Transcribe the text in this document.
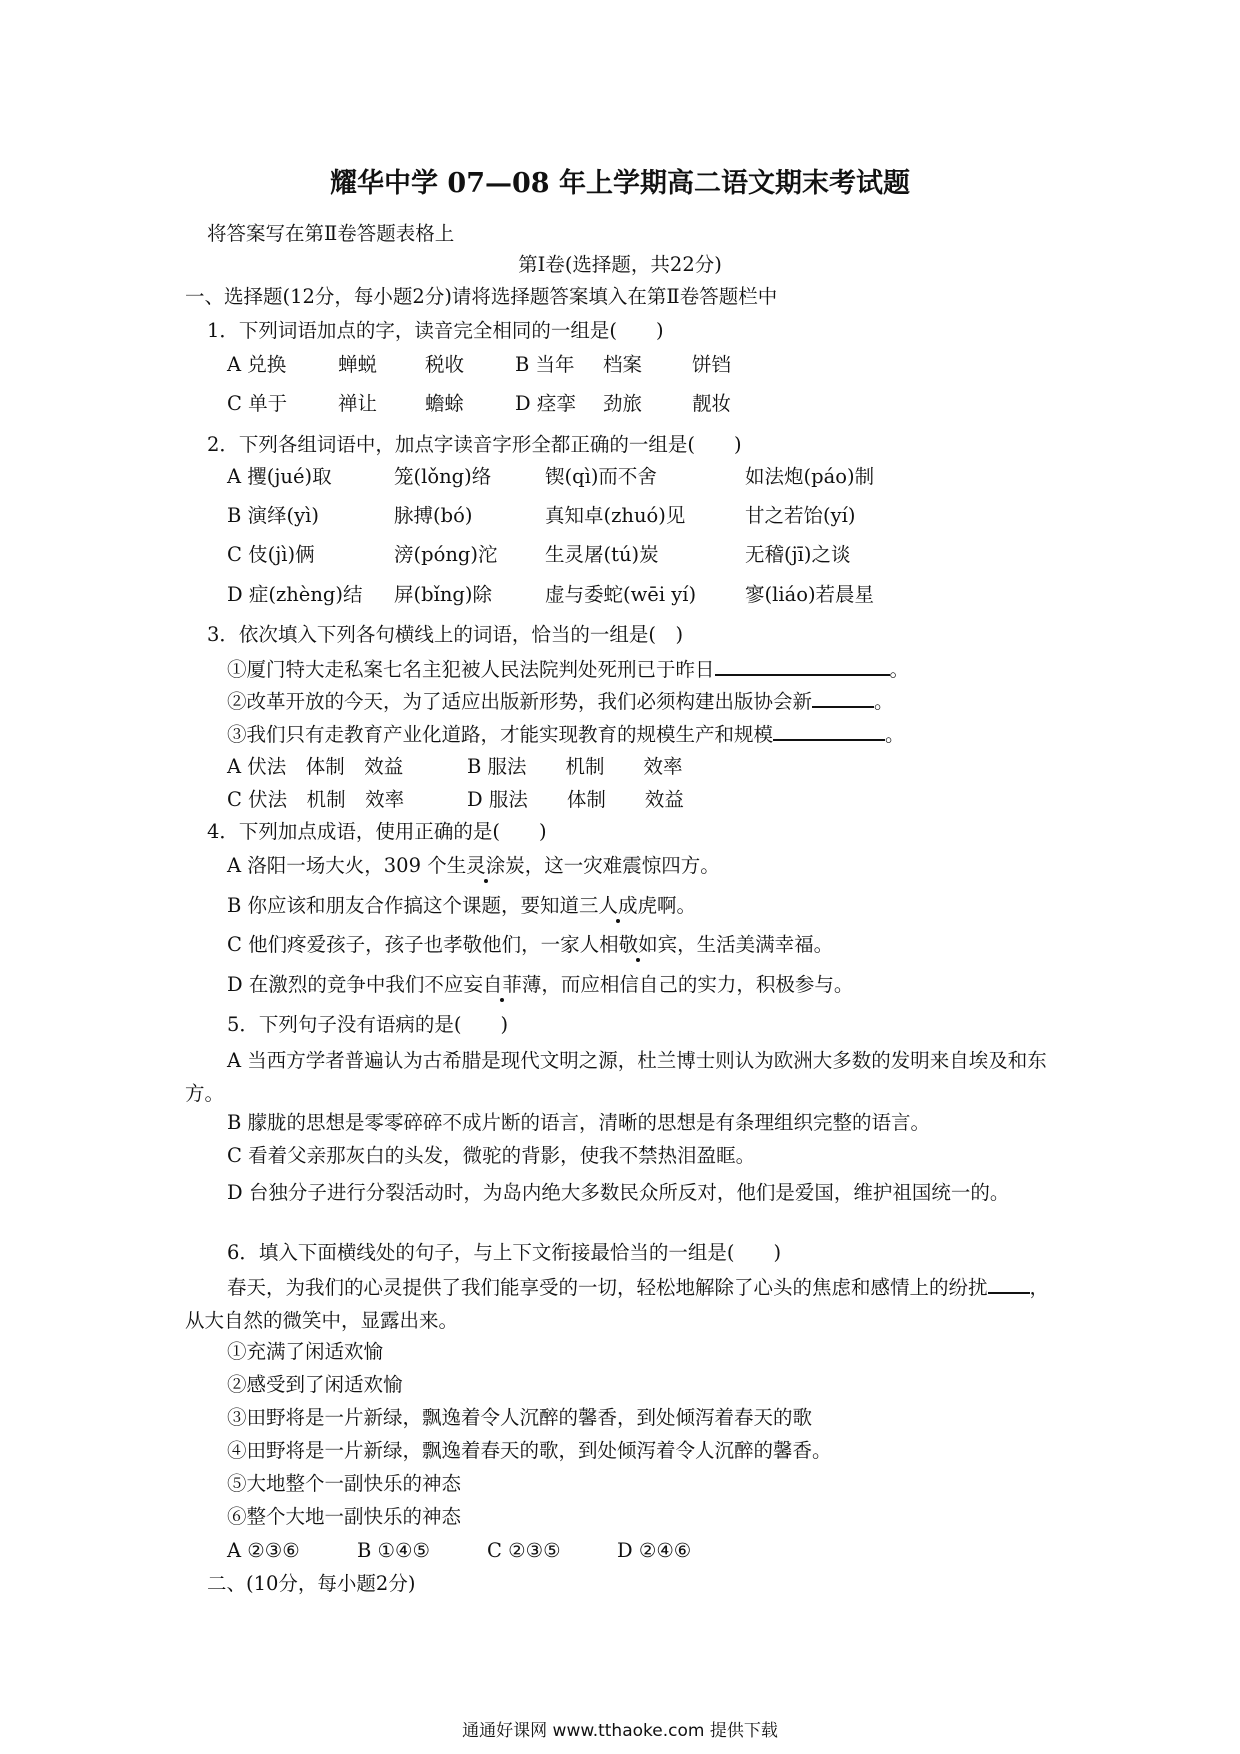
耀华中学 07—08 年上学期高二语文期末考试题
将答案写在第Ⅱ卷答题表格上
第Ⅰ卷(选择题，共22分)
一、选择题(12分，每小题2分)请将选择题答案填入在第Ⅱ卷答题栏中
1．下列词语加点的字，读音完全相同的一组是(　　)
A 兑换	蝉蜕 税收	B 当年 档案	饼铛
C 单于	禅让 蟾蜍	D 痉挛 劲旅	靓妆
2．下列各组词语中，加点字读音字形全都正确的一组是(　　)
A 攫(jué)取	笼(lǒng)络	锲(qì)而不舍	如法炮(páo)制
B 演绎(yì)	脉搏(bó)	真知卓(zhuó)见	甘之若饴(yí)
C 伎(jì)俩	滂(póng)沱 生灵屠(tú)炭	无稽(jī)之谈
D 症(zhèng)结 屏(bǐng)除	虚与委蛇(wēi yí)	寥(liáo)若晨星
3．依次填入下列各句横线上的词语，恰当的一组是(　)
①厦门特大走私案七名主犯被人民法院判处死刑已于昨日	。
②改革开放的今天，为了适应出版新形势，我们必须构建出版协会新	。
③我们只有走教育产业化道路，才能实现教育的规模生产和规模	。
A 伏法　体制　效益	B 服法　　机制　　效率
C 伏法　机制　效率	D 服法　　体制　　效益
4．下列加点成语，使用正确的是(　　)
A 洛阳一场大火，309 个生灵涂炭，这一灾难震惊四方。
B 你应该和朋友合作搞这个课题，要知道三人成虎啊。
C 他们疼爱孩子，孩子也孝敬他们，一家人相敬如宾，生活美满幸福。
D 在激烈的竞争中我们不应妄自菲薄，而应相信自己的实力，积极参与。
5．下列句子没有语病的是(　　)
A 当西方学者普遍认为古希腊是现代文明之源，杜兰博士则认为欧洲大多数的发明来自埃及和东方。
B 朦胧的思想是零零碎碎不成片断的语言，清晰的思想是有条理组织完整的语言。
C 看着父亲那灰白的头发，微驼的背影，使我不禁热泪盈眶。
D 台独分子进行分裂活动时，为岛内绝大多数民众所反对，他们是爱国，维护祖国统一的。
6．填入下面横线处的句子，与上下文衔接最恰当的一组是(　　)
春天，为我们的心灵提供了我们能享受的一切，轻松地解除了心头的焦虑和感情上的纷扰 ，从大自然的微笑中，显露出来。
①充满了闲适欢愉
②感受到了闲适欢愉
③田野将是一片新绿，飘逸着令人沉醉的馨香，到处倾泻着春天的歌
④田野将是一片新绿，飘逸着春天的歌，到处倾泻着令人沉醉的馨香。
⑤大地整个一副快乐的神态
⑥整个大地一副快乐的神态
A ②③⑥	B ①④⑤	C ②③⑤	D ②④⑥
二、(10分，每小题2分)
通通好课网 www.tthaoke.com 提供下载
